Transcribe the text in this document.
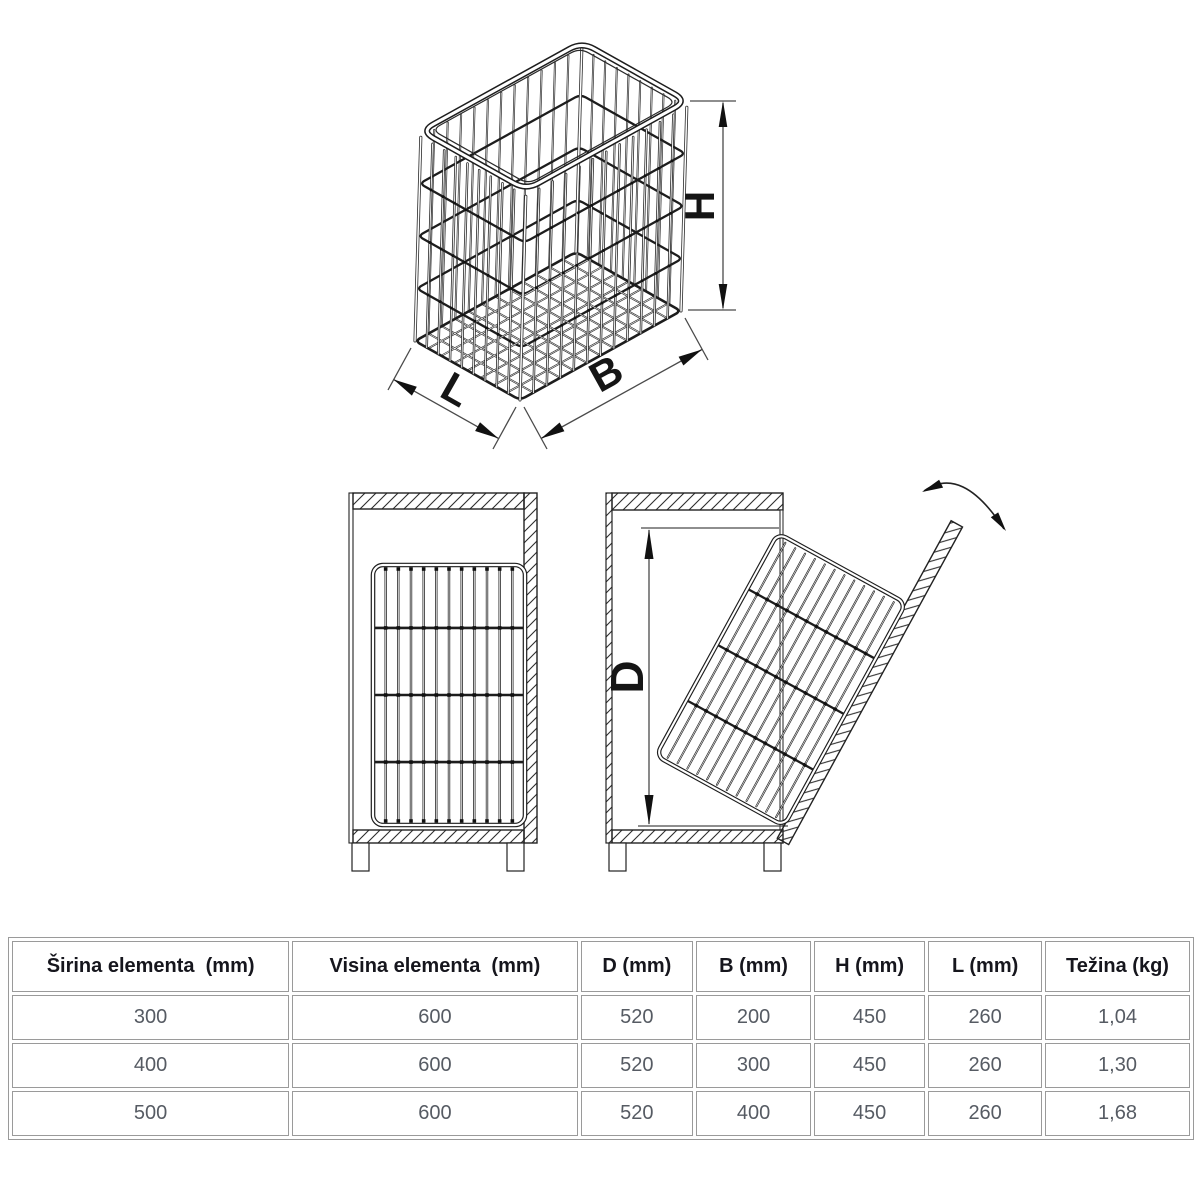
H
B
L
D
Širina elementa  (mm)	Visina elementa  (mm)	D (mm)	B (mm)	H (mm)	L (mm)	Težina (kg)
300	600	520	200	450	260	1,04
400	600	520	300	450	260	1,30
500	600	520	400	450	260	1,68
